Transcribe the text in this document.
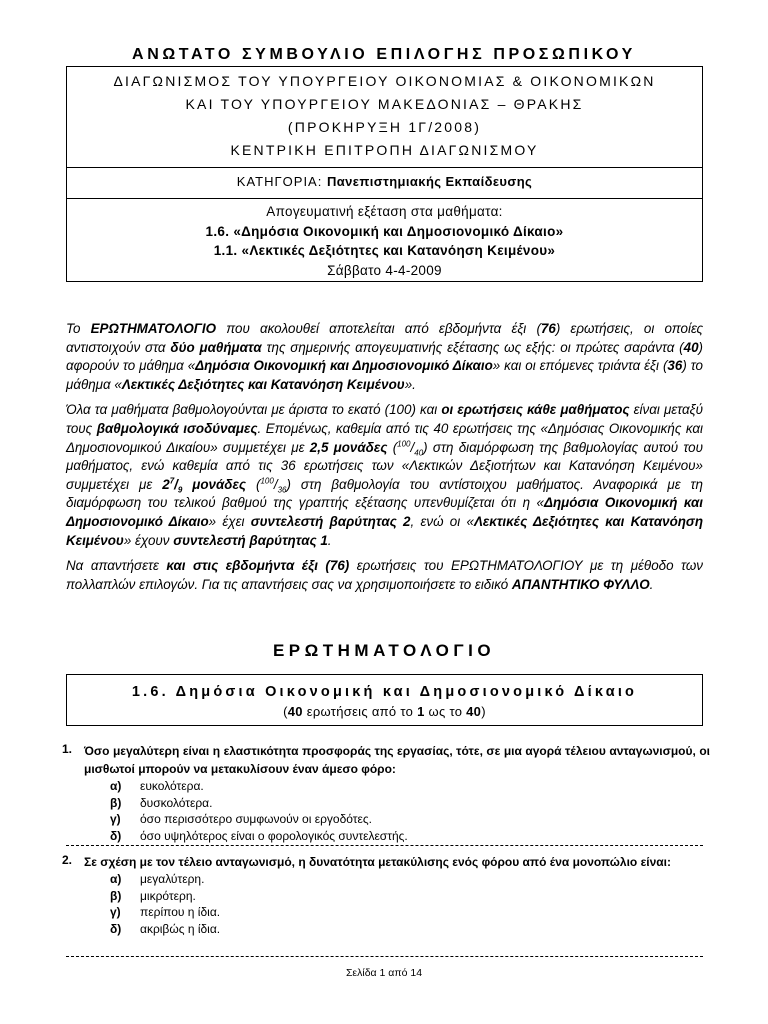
ΑΝΩΤΑΤΟ ΣΥΜΒΟΥΛΙΟ ΕΠΙΛΟΓΗΣ ΠΡΟΣΩΠΙΚΟΥ
ΔΙΑΓΩΝΙΣΜΟΣ ΤΟΥ ΥΠΟΥΡΓΕΙΟΥ ΟΙΚΟΝΟΜΙΑΣ & ΟΙΚΟΝΟΜΙΚΩΝ
ΚΑΙ ΤΟΥ ΥΠΟΥΡΓΕΙΟΥ ΜΑΚΕΔΟΝΙΑΣ – ΘΡΑΚΗΣ
(ΠΡΟΚΗΡΥΞΗ 1Γ/2008)
ΚΕΝΤΡΙΚΗ ΕΠΙΤΡΟΠΗ ΔΙΑΓΩΝΙΣΜΟΥ
ΚΑΤΗΓΟΡΙΑ: Πανεπιστημιακής Εκπαίδευσης
Απογευματινή εξέταση στα μαθήματα:
1.6. «Δημόσια Οικονομική και Δημοσιονομικό Δίκαιο»
1.1. «Λεκτικές Δεξιότητες και Κατανόηση Κειμένου»
Σάββατο 4-4-2009

Το ΕΡΩΤΗΜΑΤΟΛΟΓΙΟ που ακολουθεί αποτελείται από εβδομήντα έξι (76) ερωτήσεις, οι οποίες αντιστοιχούν στα δύο μαθήματα της σημερινής απογευματινής εξέτασης ως εξής: οι πρώτες σαράντα (40) αφορούν το μάθημα «Δημόσια Οικονομική και Δημοσιονομικό Δίκαιο» και οι επόμενες τριάντα έξι (36) το μάθημα «Λεκτικές Δεξιότητες και Κατανόηση Κειμένου».

Όλα τα μαθήματα βαθμολογούνται με άριστα το εκατό (100) και οι ερωτήσεις κάθε μαθήματος είναι μεταξύ τους βαθμολογικά ισοδύναμες. Επομένως, καθεμία από τις 40 ερωτήσεις της «Δημόσιας Οικονομικής και Δημοσιονομικού Δικαίου» συμμετέχει με 2,5 μονάδες $(^{100}/_{40})$ στη διαμόρφωση της βαθμολογίας αυτού του μαθήματος, ενώ καθεμία από τις 36 ερωτήσεις των «Λεκτικών Δεξιοτήτων και Κατανόηση Κειμένου» συμμετέχει με $2^7/_9$ μονάδες $(^{100}/_{36})$ στη βαθμολογία του αντίστοιχου μαθήματος. Αναφορικά με τη διαμόρφωση του τελικού βαθμού της γραπτής εξέτασης υπενθυμίζεται ότι η «Δημόσια Οικονομική και Δημοσιονομικό Δίκαιο» έχει συντελεστή βαρύτητας 2, ενώ οι «Λεκτικές Δεξιότητες και Κατανόηση Κειμένου» έχουν συντελεστή βαρύτητας 1.

Να απαντήσετε και στις εβδομήντα έξι (76) ερωτήσεις του ΕΡΩΤΗΜΑΤΟΛΟΓΙΟΥ με τη μέθοδο των πολλαπλών επιλογών. Για τις απαντήσεις σας να χρησιμοποιήσετε το ειδικό ΑΠΑΝΤΗΤΙΚΟ ΦΥΛΛΟ.

ΕΡΩΤΗΜΑΤΟΛΟΓΙΟ
1.6. Δημόσια Οικονομική και Δημοσιονομικό Δίκαιο
(40 ερωτήσεις από το 1 ως το 40)
1. Όσο μεγαλύτερη είναι η ελαστικότητα προσφοράς της εργασίας, τότε, σε μια αγορά τέλειου ανταγωνισμού, οι μισθωτοί μπορούν να μετακυλίσουν έναν άμεσο φόρο:
α) ευκολότερα.
β) δυσκολότερα.
γ) όσο περισσότερο συμφωνούν οι εργοδότες.
δ) όσο υψηλότερος είναι ο φορολογικός συντελεστής.
2. Σε σχέση με τον τέλειο ανταγωνισμό, η δυνατότητα μετακύλισης ενός φόρου από ένα μονοπώλιο είναι:
α) μεγαλύτερη.
β) μικρότερη.
γ) περίπου η ίδια.
δ) ακριβώς η ίδια.
Σελίδα 1 από 14
